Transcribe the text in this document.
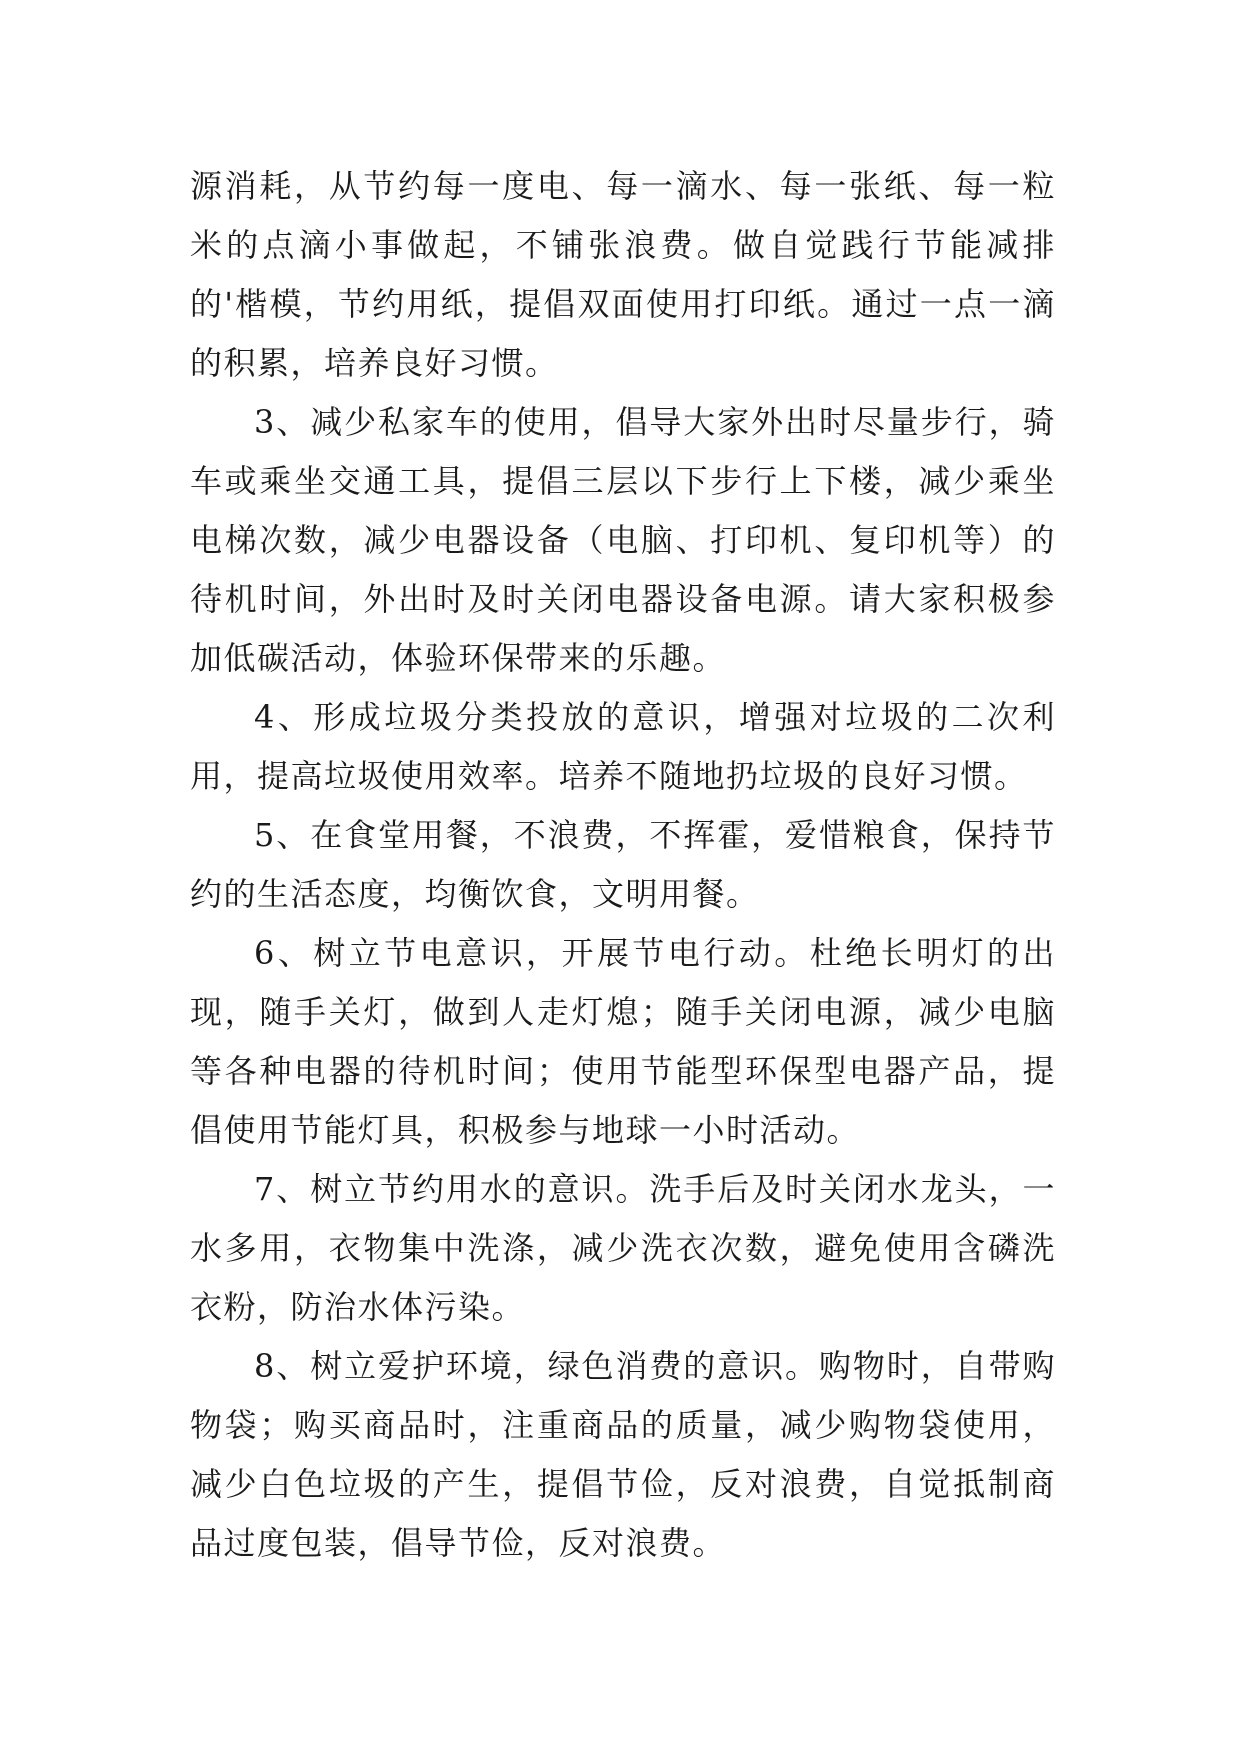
源消耗，从节约每一度电、每一滴水、每一张纸、每一粒米的点滴小事做起，不铺张浪费。做自觉践行节能减排的'楷模，节约用纸，提倡双面使用打印纸。通过一点一滴的积累，培养良好习惯。

3、减少私家车的使用，倡导大家外出时尽量步行，骑车或乘坐交通工具，提倡三层以下步行上下楼，减少乘坐电梯次数，减少电器设备（电脑、打印机、复印机等）的待机时间，外出时及时关闭电器设备电源。请大家积极参加低碳活动，体验环保带来的乐趣。

4、形成垃圾分类投放的意识，增强对垃圾的二次利用，提高垃圾使用效率。培养不随地扔垃圾的良好习惯。

5、在食堂用餐，不浪费，不挥霍，爱惜粮食，保持节约的生活态度，均衡饮食，文明用餐。

6、树立节电意识，开展节电行动。杜绝长明灯的出现，随手关灯，做到人走灯熄；随手关闭电源，减少电脑等各种电器的待机时间；使用节能型环保型电器产品，提倡使用节能灯具，积极参与地球一小时活动。

7、树立节约用水的意识。洗手后及时关闭水龙头，一水多用，衣物集中洗涤，减少洗衣次数，避免使用含磷洗衣粉，防治水体污染。

8、树立爱护环境，绿色消费的意识。购物时，自带购物袋；购买商品时，注重商品的质量，减少购物袋使用，减少白色垃圾的产生，提倡节俭，反对浪费，自觉抵制商品过度包装，倡导节俭，反对浪费。
